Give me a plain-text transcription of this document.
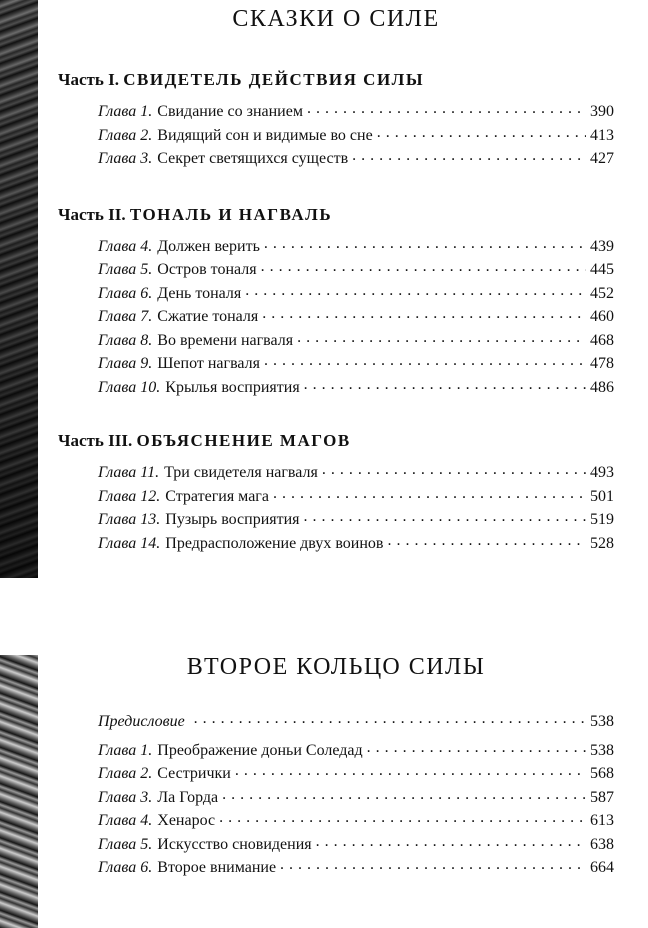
СКАЗКИ О СИЛЕ
Часть I. СВИДЕТЕЛЬ ДЕЙСТВИЯ СИЛЫ
Глава 1. Свидание со знанием . . .	390
Глава 2. Видящий сон и видимые во сне . . .	413
Глава 3. Секрет светящихся существ . . .	427
Часть II. ТОНАЛЬ И НАГВАЛЬ
Глава 4. Должен верить . . .	439
Глава 5. Остров тоналя . . .	445
Глава 6. День тоналя . . .	452
Глава 7. Сжатие тоналя . . .	460
Глава 8. Во времени нагваля . . .	468
Глава 9. Шепот нагваля . . .	478
Глава 10. Крылья восприятия . . .	486
Часть III. ОБЪЯСНЕНИЕ МАГОВ
Глава 11. Три свидетеля нагваля . . .	493
Глава 12. Стратегия мага . . .	501
Глава 13. Пузырь восприятия . . .	519
Глава 14. Предрасположение двух воинов . . .	528
ВТОРОЕ КОЛЬЦО СИЛЫ
Предисловие . . .	538
Глава 1. Преображение доньи Соледад . . .	538
Глава 2. Сестрички . . .	568
Глава 3. Ла Горда . . .	587
Глава 4. Хенарос . . .	613
Глава 5. Искусство сновидения . . .	638
Глава 6. Второе внимание . . .	664
